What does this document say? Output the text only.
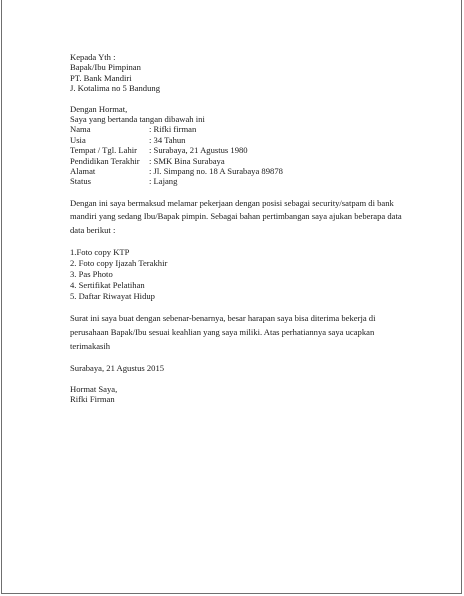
Kepada Yth :
Bapak/Ibu Pimpinan
PT. Bank Mandiri
J. Kotalima no 5 Bandung
Dengan Hormat,
Saya yang bertanda tangan dibawah ini
Nama	: Rifki firman
Usia	: 34 Tahun
Tempat / Tgl. Lahir	: Surabaya, 21 Agustus 1980
Pendidikan Terakhir	: SMK Bina Surabaya
Alamat	: Jl. Simpang no. 18 A Surabaya 89878
Status	: Lajang
Dengan ini saya bermaksud melamar pekerjaan dengan posisi sebagai security/satpam di bank mandiri yang sedang Ibu/Bapak pimpin. Sebagai bahan pertimbangan saya ajukan beberapa data data berikut :
1.Foto copy KTP
2. Foto copy Ijazah Terakhir
3. Pas Photo
4. Sertifikat Pelatihan
5. Daftar Riwayat Hidup
Surat ini saya buat dengan sebenar-benarnya, besar harapan saya bisa diterima bekerja di perusahaan Bapak/Ibu sesuai keahlian yang saya miliki. Atas perhatiannya saya ucapkan terimakasih
Surabaya, 21 Agustus 2015
Hormat Saya,
Rifki Firman
